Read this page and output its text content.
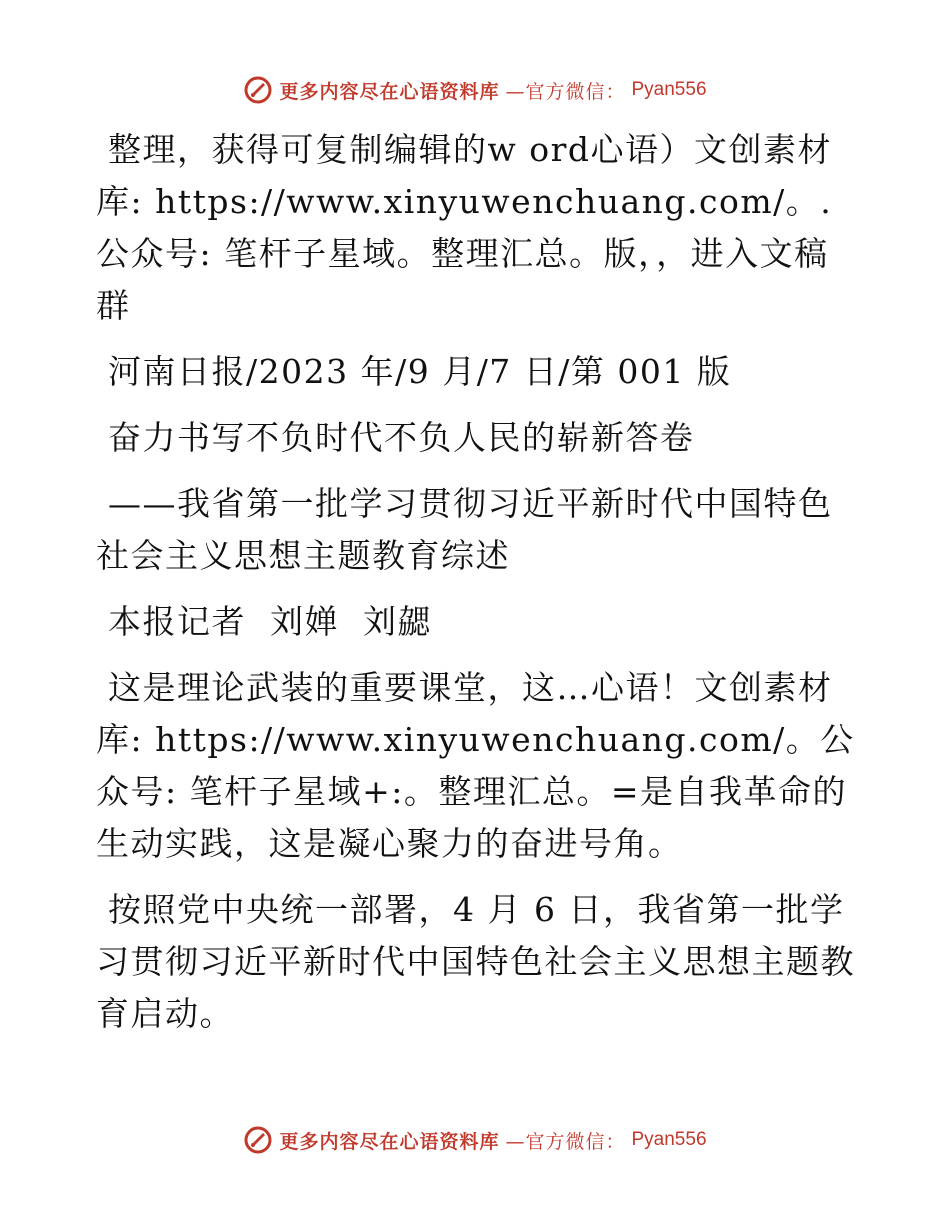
更多内容尽在心语资料库 —官方微信： Pyan556

整理，获得可复制编辑的w ord心语）文创素材库: https://www.xinyuwenchuang.com/。.公众号: 笔杆子星域。整理汇总。版，，进入文稿群

河南日报/2023 年/9 月/7 日/第 001 版

奋力书写不负时代不负人民的崭新答卷

——我省第一批学习贯彻习近平新时代中国特色社会主义思想主题教育综述

本报记者  刘婵  刘勰

这是理论武装的重要课堂，这…心语！文创素材库: https://www.xinyuwenchuang.com/。公众号: 笔杆子星域+:。整理汇总。=是自我革命的生动实践，这是凝心聚力的奋进号角。

按照党中央统一部署，4 月 6 日，我省第一批学习贯彻习近平新时代中国特色社会主义思想主题教育启动。

更多内容尽在心语资料库 —官方微信： Pyan556
